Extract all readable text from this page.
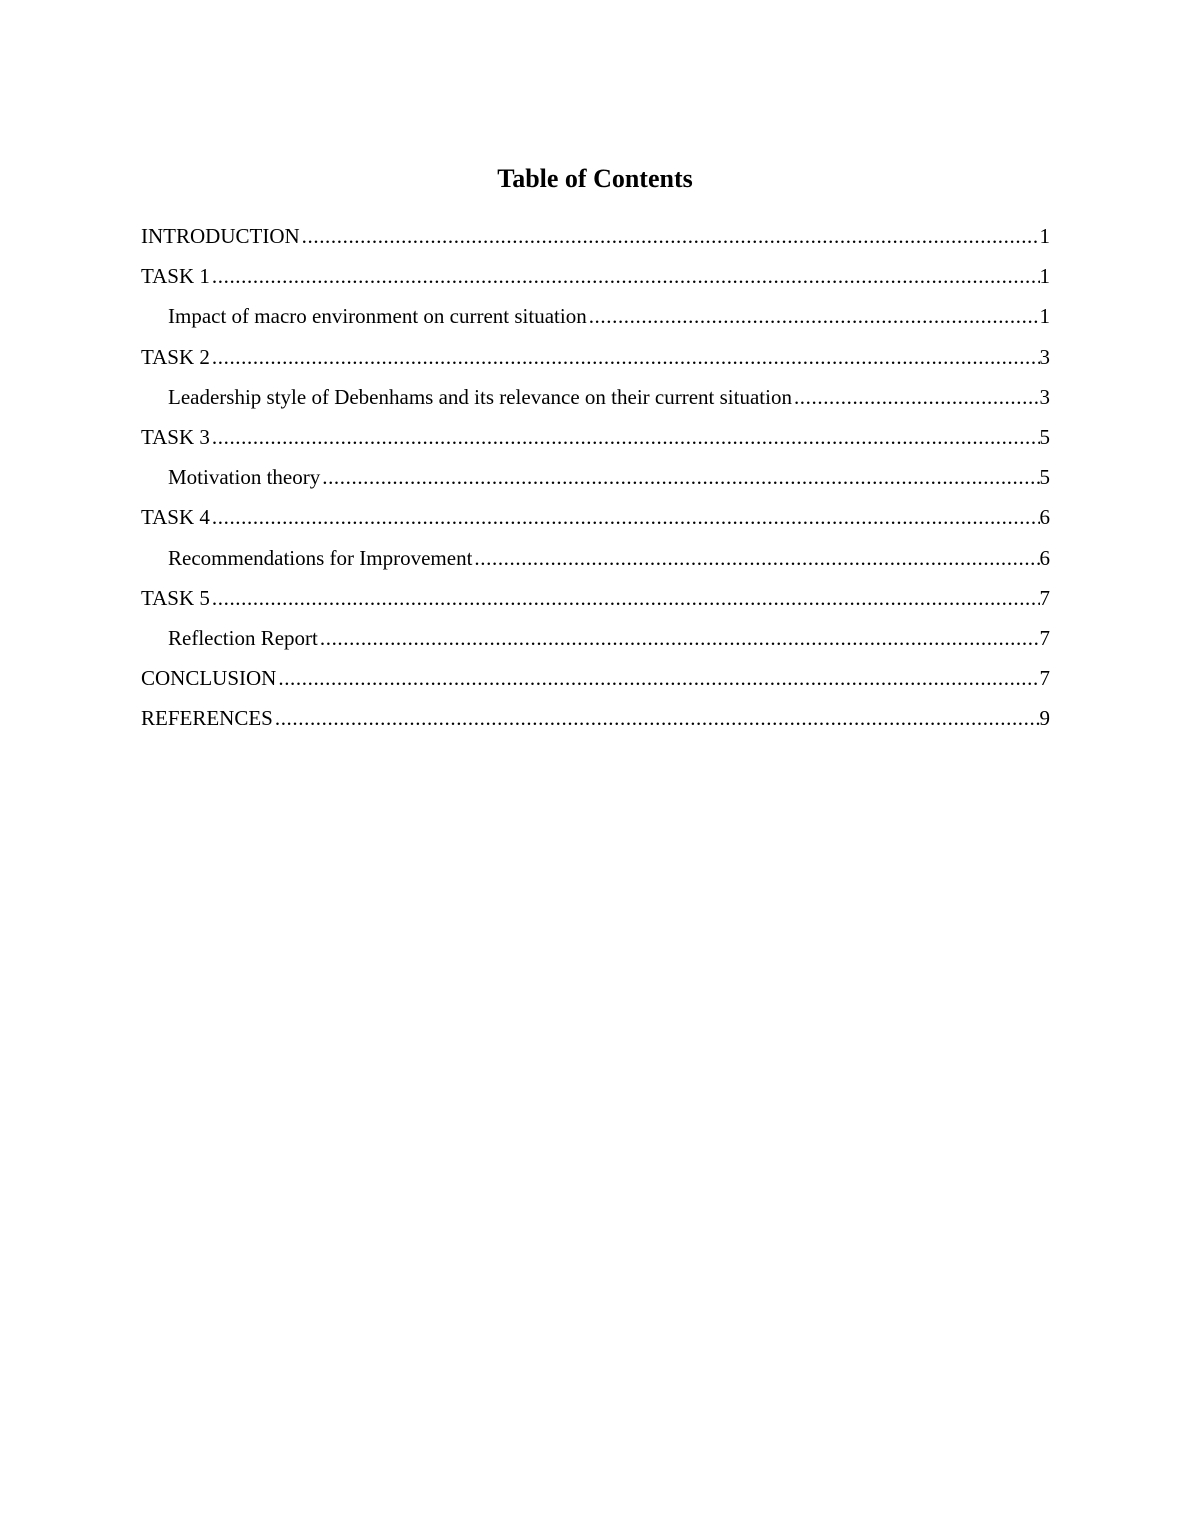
Table of Contents
INTRODUCTION .....	1
TASK 1 .....	1
Impact of macro environment on current situation .....	1
TASK 2 .....	3
Leadership style of Debenhams and its relevance on their current situation .....	3
TASK 3 .....	5
Motivation theory .....	5
TASK 4 .....	6
Recommendations for Improvement .....	6
TASK 5 .....	7
Reflection Report .....	7
CONCLUSION .....	7
REFERENCES .....	9
